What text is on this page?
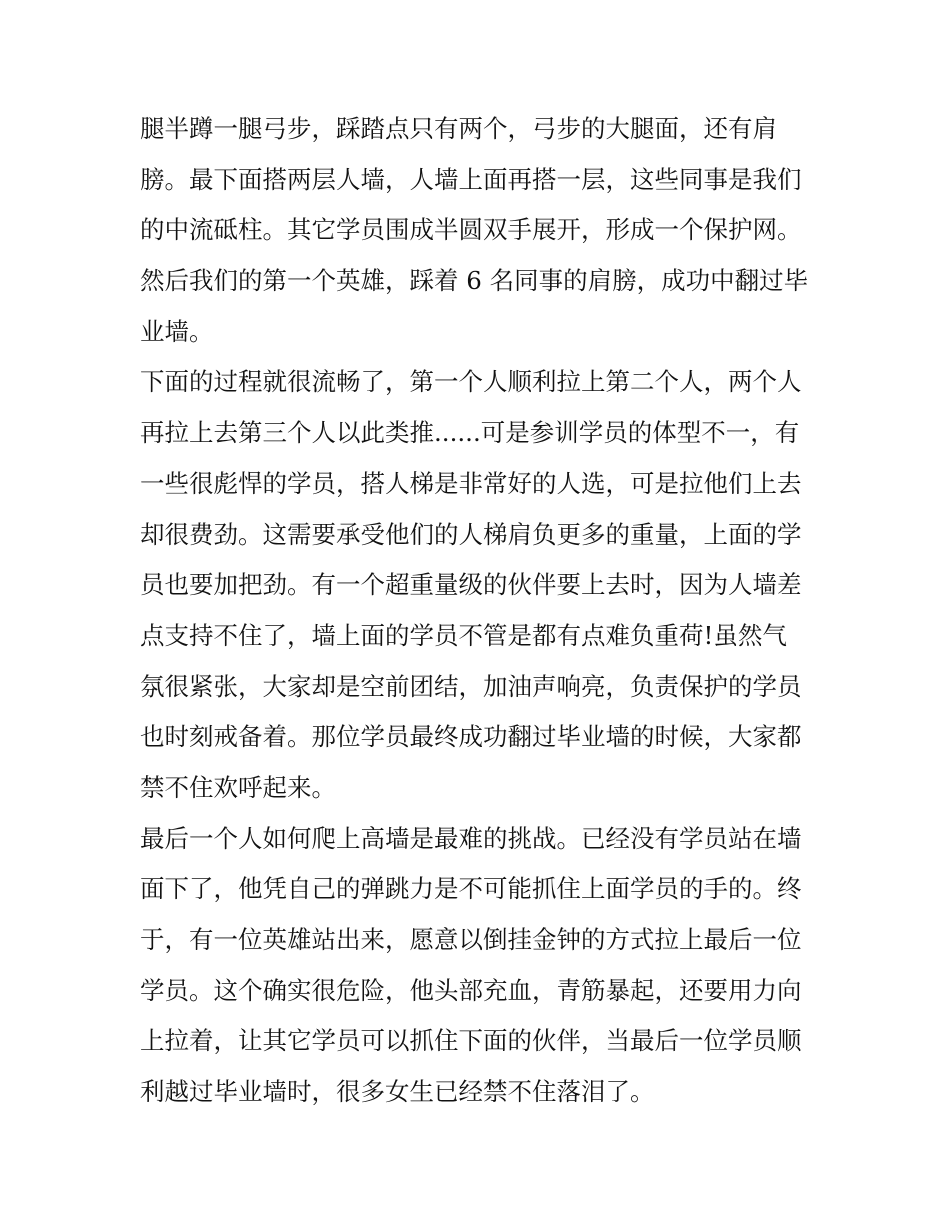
腿半蹲一腿弓步，踩踏点只有两个，弓步的大腿面，还有肩
膀。最下面搭两层人墙，人墙上面再搭一层，这些同事是我们
的中流砥柱。其它学员围成半圆双手展开，形成一个保护网。
然后我们的第一个英雄，踩着 6 名同事的肩膀，成功中翻过毕
业墙。
下面的过程就很流畅了，第一个人顺利拉上第二个人，两个人
再拉上去第三个人以此类推......可是参训学员的体型不一，有
一些很彪悍的学员，搭人梯是非常好的人选，可是拉他们上去
却很费劲。这需要承受他们的人梯肩负更多的重量，上面的学
员也要加把劲。有一个超重量级的伙伴要上去时，因为人墙差
点支持不住了，墙上面的学员不管是都有点难负重荷!虽然气
氛很紧张，大家却是空前团结，加油声响亮，负责保护的学员
也时刻戒备着。那位学员最终成功翻过毕业墙的时候，大家都
禁不住欢呼起来。
最后一个人如何爬上高墙是最难的挑战。已经没有学员站在墙
面下了，他凭自己的弹跳力是不可能抓住上面学员的手的。终
于，有一位英雄站出来，愿意以倒挂金钟的方式拉上最后一位
学员。这个确实很危险，他头部充血，青筋暴起，还要用力向
上拉着，让其它学员可以抓住下面的伙伴，当最后一位学员顺
利越过毕业墙时，很多女生已经禁不住落泪了。
